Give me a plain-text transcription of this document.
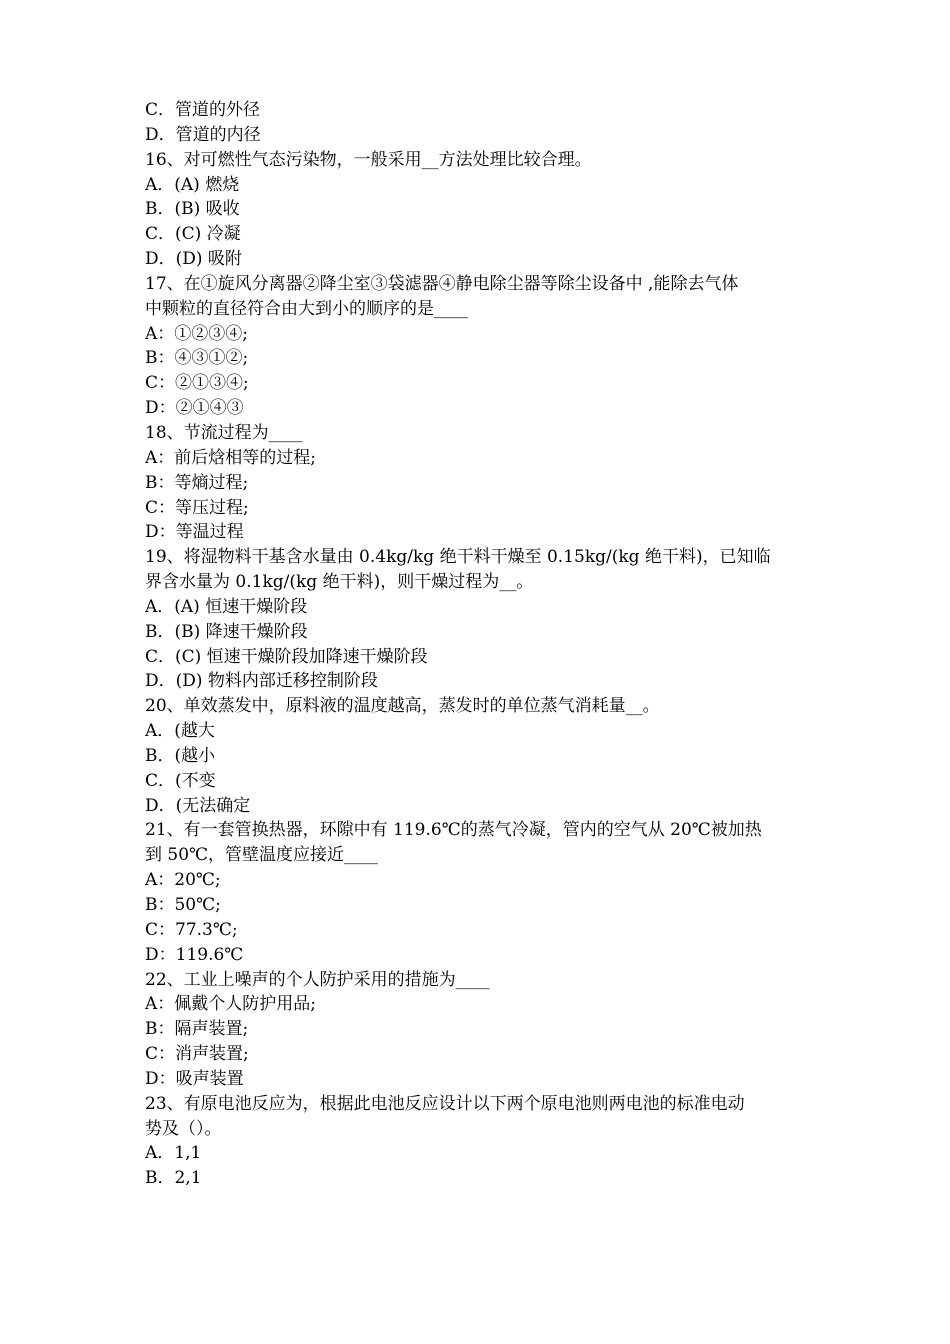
C．管道的外径
D．管道的内径
16、对可燃性气态污染物，一般采用__方法处理比较合理。
A．(A) 燃烧
B．(B) 吸收
C．(C) 冷凝
D．(D) 吸附
17、在①旋风分离器②降尘室③袋滤器④静电除尘器等除尘设备中 ,能除去气体
中颗粒的直径符合由大到小的顺序的是____
A：①②③④;
B：④③①②;
C：②①③④;
D：②①④③
18、节流过程为____
A：前后焓相等的过程;
B：等熵过程;
C：等压过程;
D：等温过程
19、将湿物料干基含水量由 0.4kg/kg 绝干料干燥至 0.15kg/(kg 绝干料)，已知临
界含水量为 0.1kg/(kg 绝干料)，则干燥过程为__。
A．(A) 恒速干燥阶段
B．(B) 降速干燥阶段
C．(C) 恒速干燥阶段加降速干燥阶段
D．(D) 物料内部迁移控制阶段
20、单效蒸发中，原料液的温度越高，蒸发时的单位蒸气消耗量__。
A．(越大
B．(越小
C．(不变
D．(无法确定
21、有一套管换热器，环隙中有 119.6℃的蒸气冷凝，管内的空气从 20℃被加热
到 50℃，管壁温度应接近____
A：20℃;
B：50℃;
C：77.3℃;
D：119.6℃
22、工业上噪声的个人防护采用的措施为____
A：佩戴个人防护用品;
B：隔声装置;
C：消声装置;
D：吸声装置
23、有原电池反应为，根据此电池反应设计以下两个原电池则两电池的标准电动
势及（）。
A．1,1
B．2,1
